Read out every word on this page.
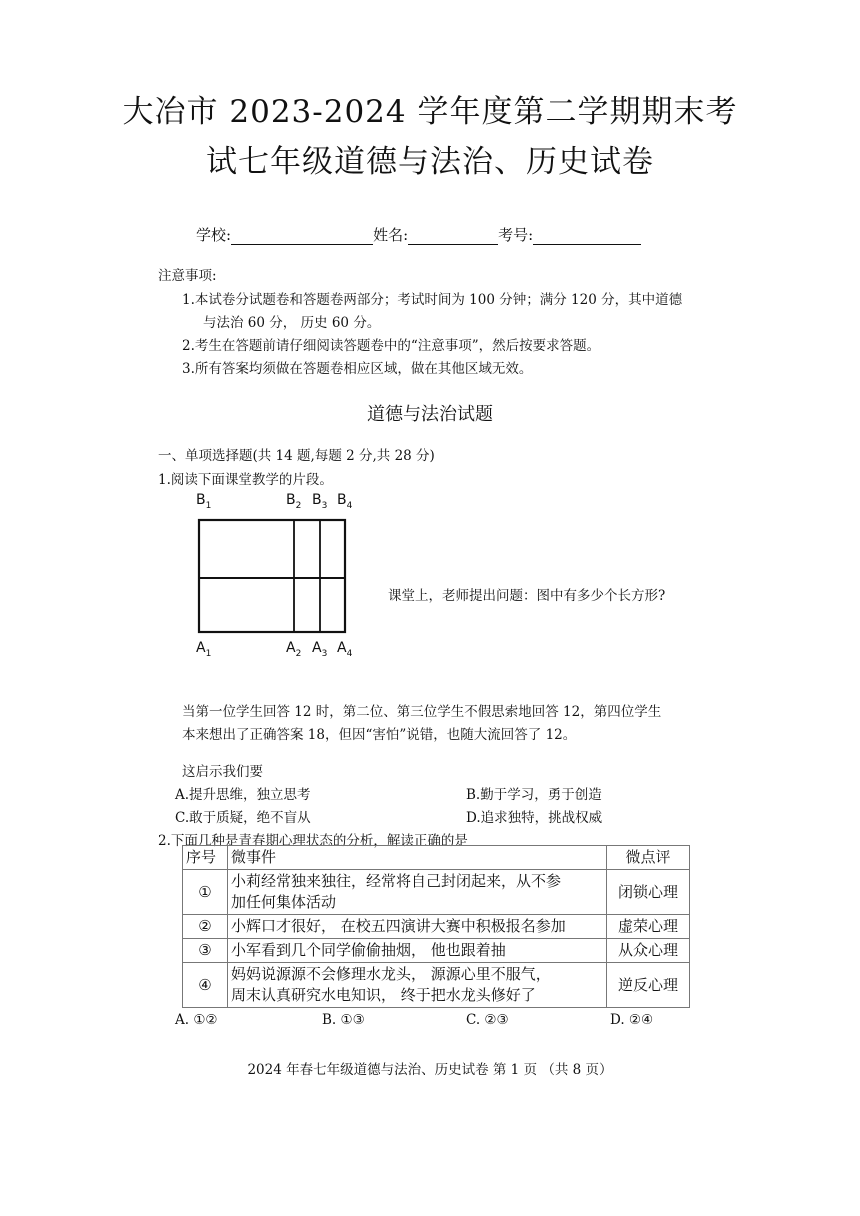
大冶市 2023-2024 学年度第二学期期末考
试七年级道德与法治、历史试卷
学校:	姓名:	考号:
注意事项:
1.本试卷分试题卷和答题卷两部分；考试时间为 100 分钟；满分 120 分，其中道德
与法治 60 分， 历史 60 分。
2.考生在答题前请仔细阅读答题卷中的“注意事项”，然后按要求答题。
3.所有答案均须做在答题卷相应区域，做在其他区域无效。
道德与法治试题
一、单项选择题(共 14 题,每题 2 分,共 28 分)
1.阅读下面课堂教学的片段。
$B_1$	$B_2$ $B_3$ $B_4$
$A_1$	$A_2$ $A_3$ $A_4$
课堂上，老师提出问题：图中有多少个长方形?
当第一位学生回答 12 时，第二位、第三位学生不假思索地回答 12，第四位学生
本来想出了正确答案 18，但因“害怕”说错，也随大流回答了 12。
这启示我们要
A.提升思维，独立思考	B.勤于学习，勇于创造
C.敢于质疑，绝不盲从	D.追求独特，挑战权威
2.下面几种是青春期心理状态的分析，解读正确的是
序号	微事件	微点评
①	小莉经常独来独往，经常将自己封闭起来，从不参
加任何集体活动	闭锁心理
②	小辉口才很好， 在校五四演讲大赛中积极报名参加	虚荣心理
③	小军看到几个同学偷偷抽烟， 他也跟着抽	从众心理
④	妈妈说源源不会修理水龙头， 源源心里不服气，
周末认真研究水电知识， 终于把水龙头修好了	逆反心理
A. ①②	B. ①③	C. ②③	D. ②④
2024 年春七年级道德与法治、历史试卷 第 1 页 （共 8 页）
